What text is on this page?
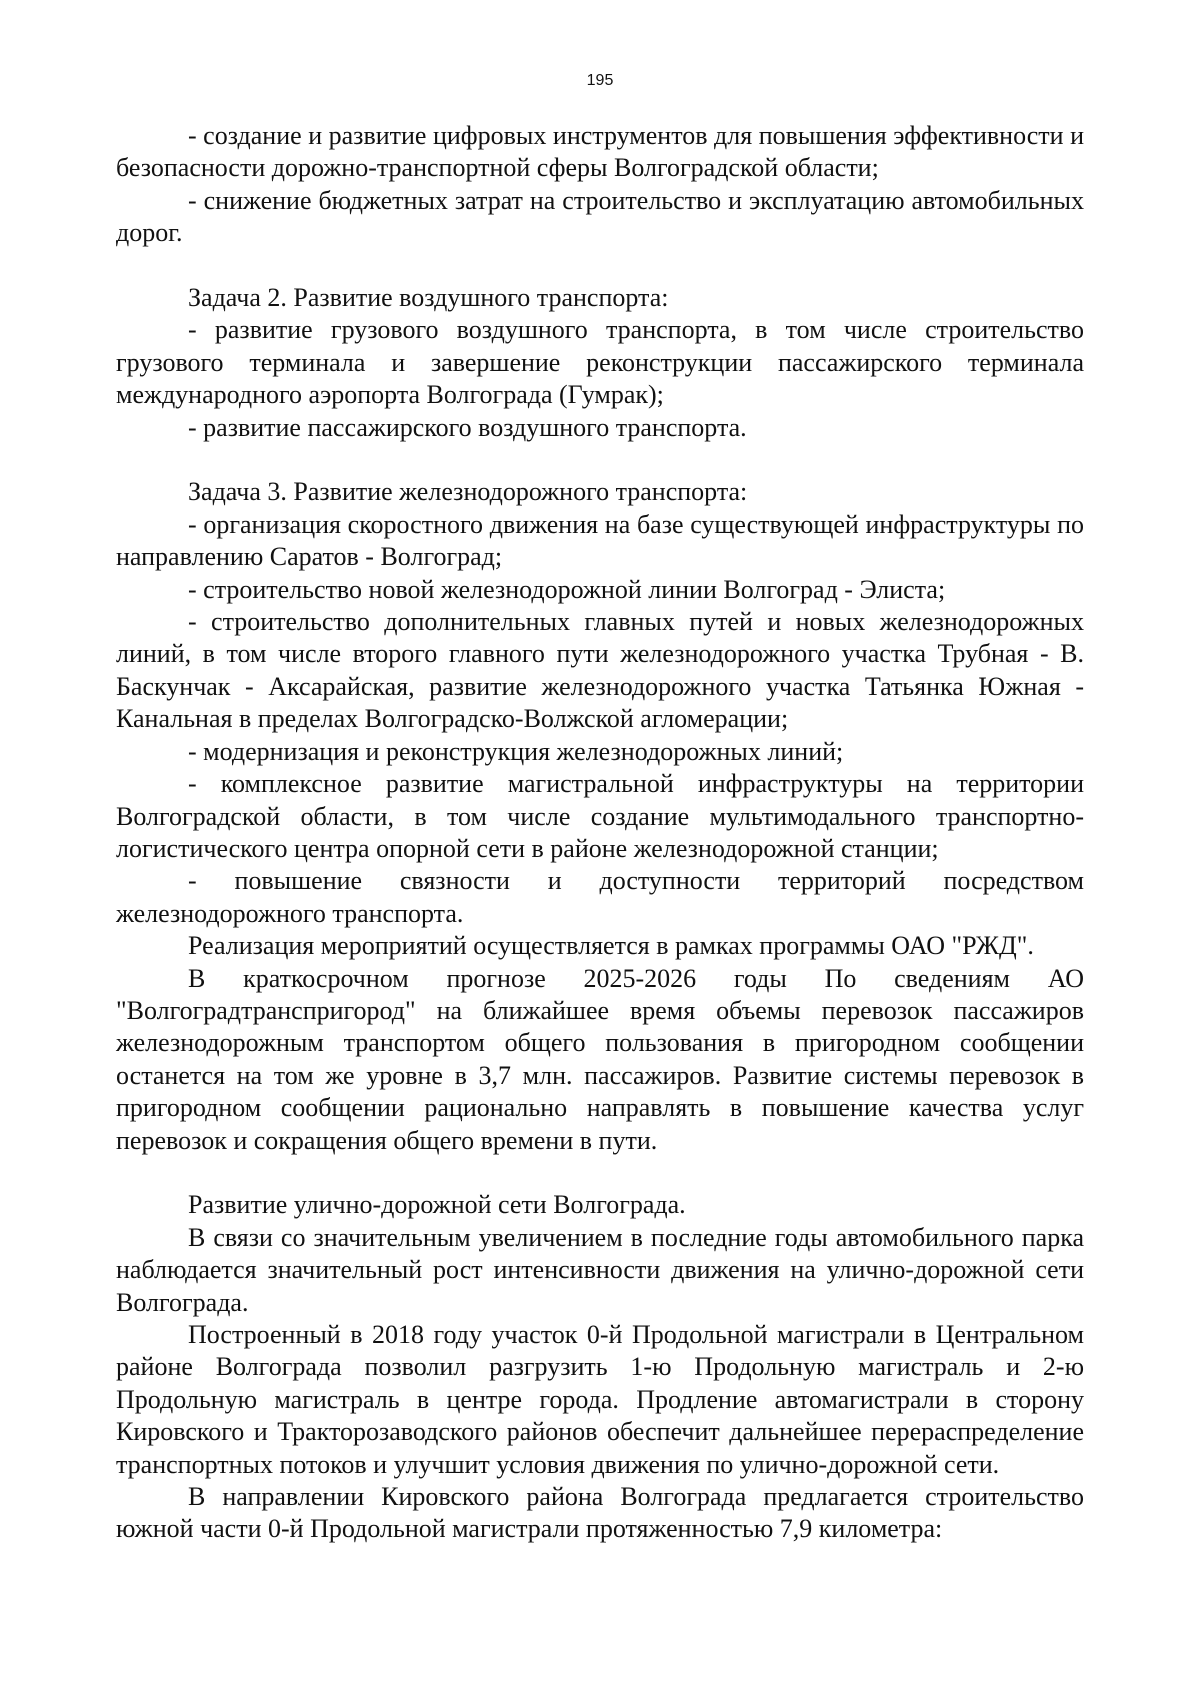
195

- создание и развитие цифровых инструментов для повышения эффективности и безопасности дорожно-транспортной сферы Волгоградской области;

- снижение бюджетных затрат на строительство и эксплуатацию автомобильных дорог.

Задача 2. Развитие воздушного транспорта:

- развитие грузового воздушного транспорта, в том числе строительство грузового терминала и завершение реконструкции пассажирского терминала международного аэропорта Волгограда (Гумрак);

- развитие пассажирского воздушного транспорта.

Задача 3. Развитие железнодорожного транспорта:

- организация скоростного движения на базе существующей инфраструктуры по направлению Саратов - Волгоград;

- строительство новой железнодорожной линии Волгоград - Элиста;

- строительство дополнительных главных путей и новых железнодорожных линий, в том числе второго главного пути железнодорожного участка Трубная - В. Баскунчак - Аксарайская, развитие железнодорожного участка Татьянка Южная - Канальная в пределах Волгоградско-Волжской агломерации;

- модернизация и реконструкция железнодорожных линий;

- комплексное развитие магистральной инфраструктуры на территории Волгоградской области, в том числе создание мультимодального транспортно-логистического центра опорной сети в районе железнодорожной станции;

- повышение связности и доступности территорий посредством железнодорожного транспорта.

Реализация мероприятий осуществляется в рамках программы ОАО "РЖД".

В краткосрочном прогнозе 2025-2026 годы По сведениям АО "Волгоградтранспригород" на ближайшее время объемы перевозок пассажиров железнодорожным транспортом общего пользования в пригородном сообщении останется на том же уровне в 3,7 млн. пассажиров. Развитие системы перевозок в пригородном сообщении рационально направлять в повышение качества услуг перевозок и сокращения общего времени в пути.

Развитие улично-дорожной сети Волгограда.

В связи со значительным увеличением в последние годы автомобильного парка наблюдается значительный рост интенсивности движения на улично-дорожной сети Волгограда.

Построенный в 2018 году участок 0-й Продольной магистрали в Центральном районе Волгограда позволил разгрузить 1-ю Продольную магистраль и 2-ю Продольную магистраль в центре города. Продление автомагистрали в сторону Кировского и Тракторозаводского районов обеспечит дальнейшее перераспределение транспортных потоков и улучшит условия движения по улично-дорожной сети.

В направлении Кировского района Волгограда предлагается строительство южной части 0-й Продольной магистрали протяженностью 7,9 километра:
